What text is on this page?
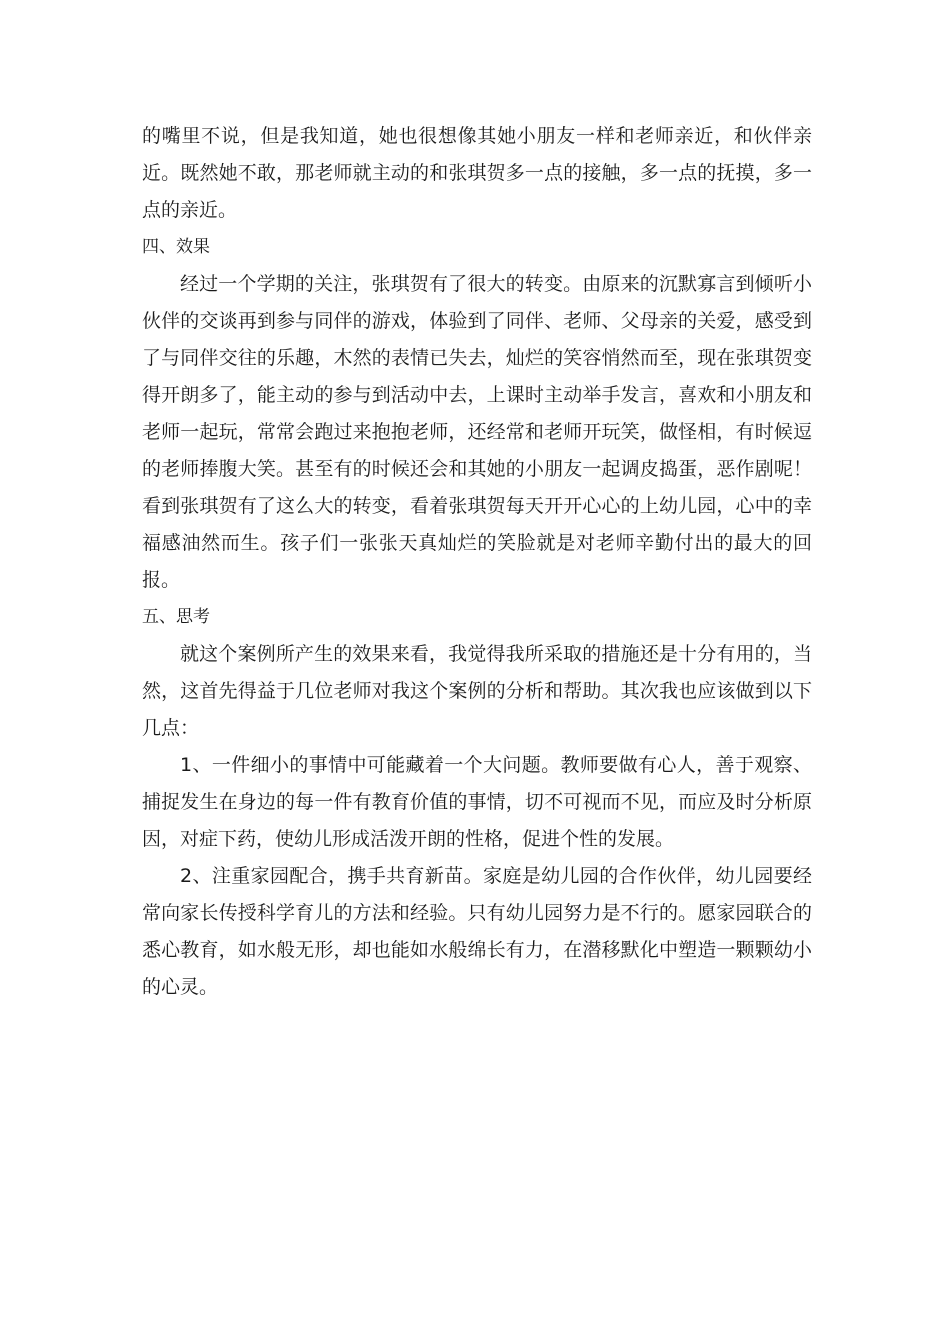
的嘴里不说，但是我知道，她也很想像其她小朋友一样和老师亲近，和伙伴亲近。既然她不敢，那老师就主动的和张琪贺多一点的接触，多一点的抚摸，多一点的亲近。

四、效果

经过一个学期的关注，张琪贺有了很大的转变。由原来的沉默寡言到倾听小伙伴的交谈再到参与同伴的游戏，体验到了同伴、老师、父母亲的关爱，感受到了与同伴交往的乐趣，木然的表情已失去，灿烂的笑容悄然而至，现在张琪贺变得开朗多了，能主动的参与到活动中去，上课时主动举手发言，喜欢和小朋友和老师一起玩，常常会跑过来抱抱老师，还经常和老师开玩笑，做怪相，有时候逗的老师捧腹大笑。甚至有的时候还会和其她的小朋友一起调皮捣蛋，恶作剧呢！看到张琪贺有了这么大的转变，看着张琪贺每天开开心心的上幼儿园，心中的幸福感油然而生。孩子们一张张天真灿烂的笑脸就是对老师辛勤付出的最大的回报。

五、思考

就这个案例所产生的效果来看，我觉得我所采取的措施还是十分有用的，当然，这首先得益于几位老师对我这个案例的分析和帮助。其次我也应该做到以下几点：

1、一件细小的事情中可能藏着一个大问题。教师要做有心人，善于观察、捕捉发生在身边的每一件有教育价值的事情，切不可视而不见，而应及时分析原因，对症下药，使幼儿形成活泼开朗的性格，促进个性的发展。

2、注重家园配合，携手共育新苗。家庭是幼儿园的合作伙伴，幼儿园要经常向家长传授科学育儿的方法和经验。只有幼儿园努力是不行的。愿家园联合的悉心教育，如水般无形，却也能如水般绵长有力，在潜移默化中塑造一颗颗幼小的心灵。
